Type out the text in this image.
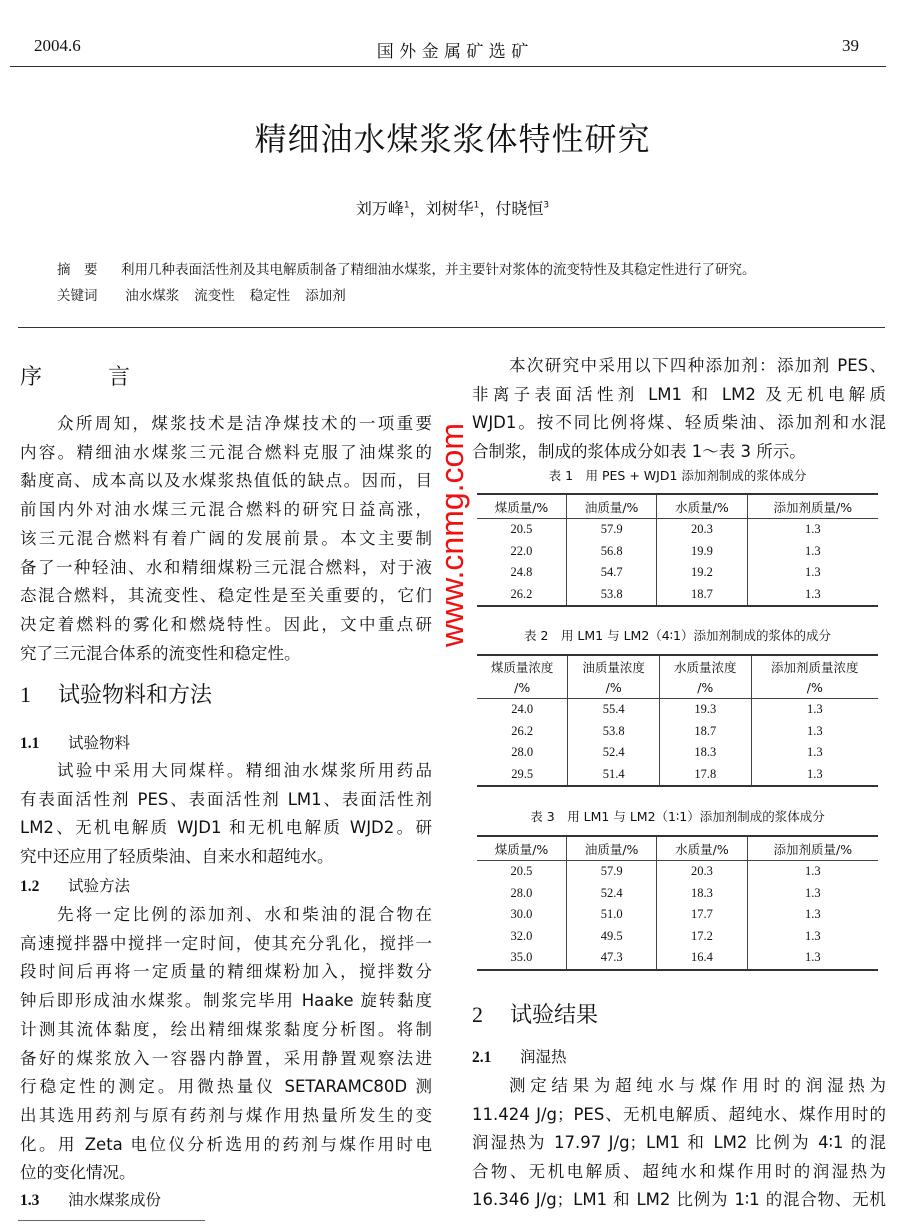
2004.6	国 外 金 属 矿 选 矿	39
精细油水煤浆浆体特性研究
刘万峰$^1$，刘树华$^1$，付晓恒$^3$
摘　要 利用几种表面活性剂及其电解质制备了精细油水煤浆，并主要针对浆体的流变特性及其稳定性进行了研究。
关键词 油水煤浆 流变性 稳定性 添加剂
序　言
众所周知，煤浆技术是洁净煤技术的一项重要
内容。精细油水煤浆三元混合燃料克服了油煤浆的
黏度高、成本高以及水煤浆热值低的缺点。因而，目
前国内外对油水煤三元混合燃料的研究日益高涨，
该三元混合燃料有着广阔的发展前景。本文主要制
备了一种轻油、水和精细煤粉三元混合燃料，对于液
态混合燃料，其流变性、稳定性是至关重要的，它们
决定着燃料的雾化和燃烧特性。因此，文中重点研
究了三元混合体系的流变性和稳定性。
1 试验物料和方法
1.1 试验物料
试验中采用大同煤样。精细油水煤浆所用药品
有表面活性剂 PES、表面活性剂 LM1、表面活性剂
LM2、无机电解质 WJD1 和无机电解质 WJD2。研
究中还应用了轻质柴油、自来水和超纯水。
1.2 试验方法
先将一定比例的添加剂、水和柴油的混合物在
高速搅拌器中搅拌一定时间，使其充分乳化，搅拌一
段时间后再将一定质量的精细煤粉加入，搅拌数分
钟后即形成油水煤浆。制浆完毕用 Haake 旋转黏度
计测其流体黏度，绘出精细煤浆黏度分析图。将制
备好的煤浆放入一容器内静置，采用静置观察法进
行稳定性的测定。用微热量仪 SETARAMC80D 测
出其选用药剂与原有药剂与煤作用热量所发生的变
化。用 Zeta 电位仪分析选用的药剂与煤作用时电
位的变化情况。
1.3 油水煤浆成份
本次研究中采用以下四种添加剂：添加剂 PES、
非离子表面活性剂 LM1 和 LM2 及无机电解质
WJD1。按不同比例将煤、轻质柴油、添加剂和水混
合制浆，制成的浆体成分如表 1～表 3 所示。
2 试验结果
2.1 润湿热
测定结果为超纯水与煤作用时的润湿热为
11.424 J/g；PES、无机电解质、超纯水、煤作用时的
润湿热为 17.97 J/g；LM1 和 LM2 比例为 4∶1 的混
合物、无机电解质、超纯水和煤作用时的润湿热为
16.346 J/g；LM1 和 LM2 比例为 1∶1 的混合物、无机
表 1　用 PES + WJD1 添加剂制成的浆体成分
煤质量/%	油质量/%	水质量/%	添加剂质量/%
20.5	57.9	20.3	1.3
22.0	56.8	19.9	1.3
24.8	54.7	19.2	1.3
26.2	53.8	18.7	1.3
表 2　用 LM1 与 LM2（4∶1）添加剂制成的浆体的成分
煤质量浓度	油质量浓度	水质量浓度	添加剂质量浓度
/%	/%	/%	/%
24.0	55.4	19.3	1.3
26.2	53.8	18.7	1.3
28.0	52.4	18.3	1.3
29.5	51.4	17.8	1.3
表 3　用 LM1 与 LM2（1∶1）添加剂制成的浆体成分
煤质量/%	油质量/%	水质量/%	添加剂质量/%
20.5	57.9	20.3	1.3
28.0	52.4	18.3	1.3
30.0	51.0	17.7	1.3
32.0	49.5	17.2	1.3
35.0	47.3	16.4	1.3
www.cnmg.com
